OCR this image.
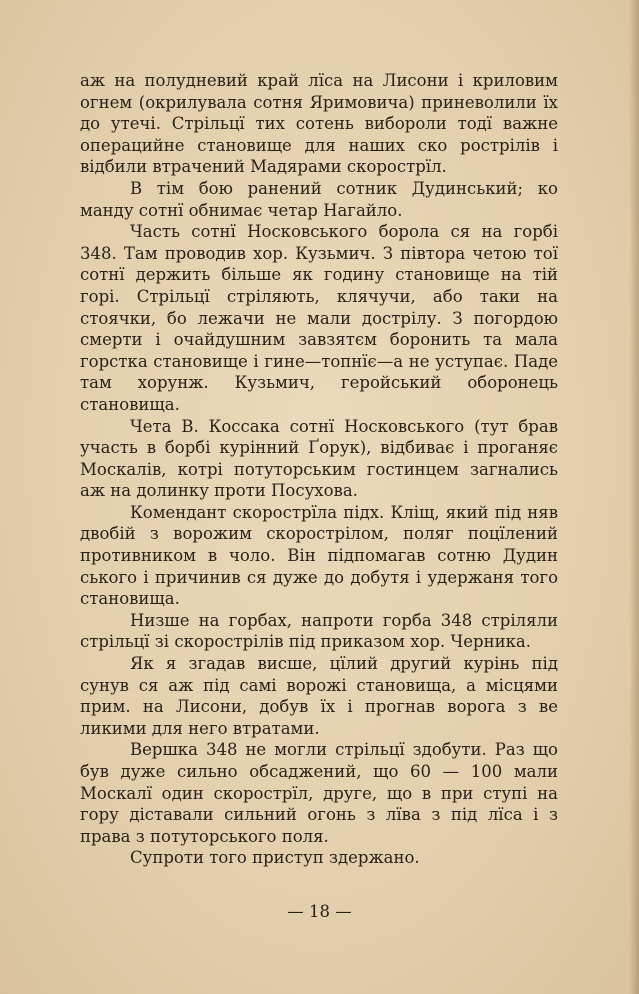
аж на полудневий край лїса на Лисони і криловим огнем (окрилувала сотня Яримовича) приневолили їх до утечі. Стрільцї тих сотень вибороли тодї важне операцийне становище для наших ско рострілів і відбили втрачений Мадярами скорострїл.

В тім бою ранений сотник Дудинський; ко манду сотнї обнимає четар Нагайло.

Часть сотнї Носковського борола ся на горбі 348. Там проводив хор. Кузьмич. З півтора четою тої сотнї держить більше як годину становище на тій горі. Стрільцї стріляють, клячучи, або таки на стоячки, бо лежачи не мали дострілу. З погордою смерти і очайдушним завзятєм боронить та мала горстка становище і гине—топнїє—а не уступає. Паде там хорунж. Кузьмич, геройський оборонець становища.

Чета В. Коссака сотнї Носковського (тут брав участь в борбі курінний Ґорук), відбиває і проганяє Москалів, котрі потуторським гостинцем загнались аж на долинку проти Посухова.

Комендант скорострїла підх. Кліщ, який під няв двобій з ворожим скорострілом, поляг поцїлений противником в чоло. Він підпомагав сотню Дудин ського і причинив ся дуже до добутя і удержаня того становища.

Низше на горбах, напроти горба 348 стріляли стрільцї зі скорострілів під приказом хор. Черника.

Як я згадав висше, цїлий другий курінь під сунув ся аж під самі ворожі становища, а місцями прим. на Лисони, добув їх і прогнав ворога з ве ликими для него втратами.

Вершка 348 не могли стрільцї здобути. Раз що був дуже сильно обсаджений, що 60 — 100 мали Москалї один скорострїл, друге, що в при ступі на гору діставали сильний огонь з лїва з під лїса і з права з потуторського поля.

Супроти того приступ здержано.

— 18 —
